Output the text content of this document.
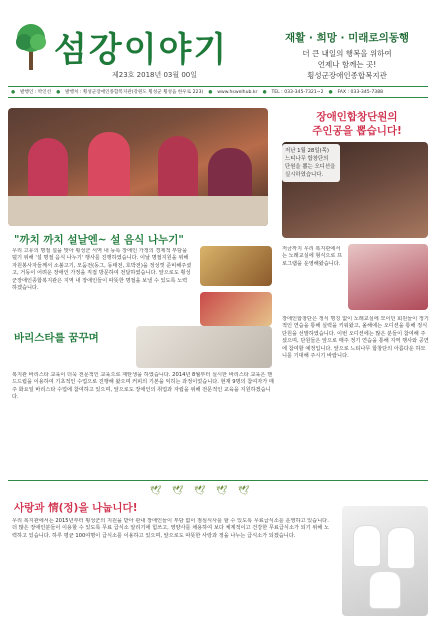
섬강이야기
제23호 2018년 03월 00일
재활 · 희망 · 미래로의동행
더 큰 내일의 행복을 위하여
언제나 함께는 곳!
횡성군장애인종합복지관
● 발행인 : 박인선 ● 발행처 : 횡성군장애인종합복지관(강원도 횡성군 횡성읍 한우로 223) ● www.hswelhub.kr ● TEL : 033-345-7321~2 ● FAX : 033-345-7388
"까치 까치 설날엔~ 설 음식 나누기"
우리 고유의 명절 설을 맞아 횡성군 서역 내 등록 장애인 가정의 경제적 부담을 덜기 위해 '설 명절 음식 나누기' 행사를 진행하였습니다. 이날 명절지원을 위해 자원봉사자들께서 소불고기, 모둠전(동그, 동태전, 호박전)을 정성껏 준비해주셨고, 거동이 어려운 장애인 가정을 직접 방문하여 전달하였습니다. 앞으로도 횡성군장애인종합복지관은 지역 내 장애인들이 따뜻한 명절을 보낼 수 있도록 노력하겠습니다.
바리스타를 꿈꾸며
복지관 바리스타 교육이 더욱 전문적인 교육으로 재탄생을 하였습니다. 2014년 8월부터 실시한 바리스타 교육은 핸드드립을 이용하여 기초적인 수업으로 진행해 왔으며 커피의 기본을 익히는 과정이었습니다. 현재 9명의 참여자가 매주 화요일 바리스타 수업에 참여하고 있으며, 앞으로도 장애인의 취업과 자립을 위해 전문적인 교육을 지원하겠습니다.
장애인합창단원의
주인공을 뽑습니다!
저난 1월 28일(목)
느티나무 합창단의
단원을 뽑는 오디션을
실시하였습니다.
저금까지 우리 복지관에서는 노래교실에 형식으로 프로그램을 운영해왔습니다.
장애인합창단은 정식 명칭 없이 노래교실에 모이던 회원들이 정기적인 연습을 통해 실력을 키워왔고, 올해에는 오디션을 통해 정식 단원을 선발하였습니다. 이번 오디션에는 많은 분들이 참여해 주셨으며, 단원들은 앞으로 매주 정기 연습을 통해 지역 행사와 공연에 참여할 예정입니다. 앞으로 느티나무 합창단의 아름다운 하모니를 기대해 주시기 바랍니다.
🕊 🕊 🕊 🕊 🕊
사랑과 情(정)을 나눕니다!
우리 복지관에서는 2015년부터 횡성군의 지원을 받아 관내 장애인들이 부담 없이 점심식사를 할 수 있도록 무료급식소를 운영하고 있습니다. 더 많은 장애인분들이 이용할 수 있도록 무료 급식소 알리기에 힘쓰고, 영양사를 채용하여 보다 체계적이고 건강한 무료급식소가 되기 위해 노력하고 있습니다. 하루 평균 100여명이 급식소를 이용하고 있으며, 앞으로도 따뜻한 사랑과 정을 나누는 급식소가 되겠습니다.
